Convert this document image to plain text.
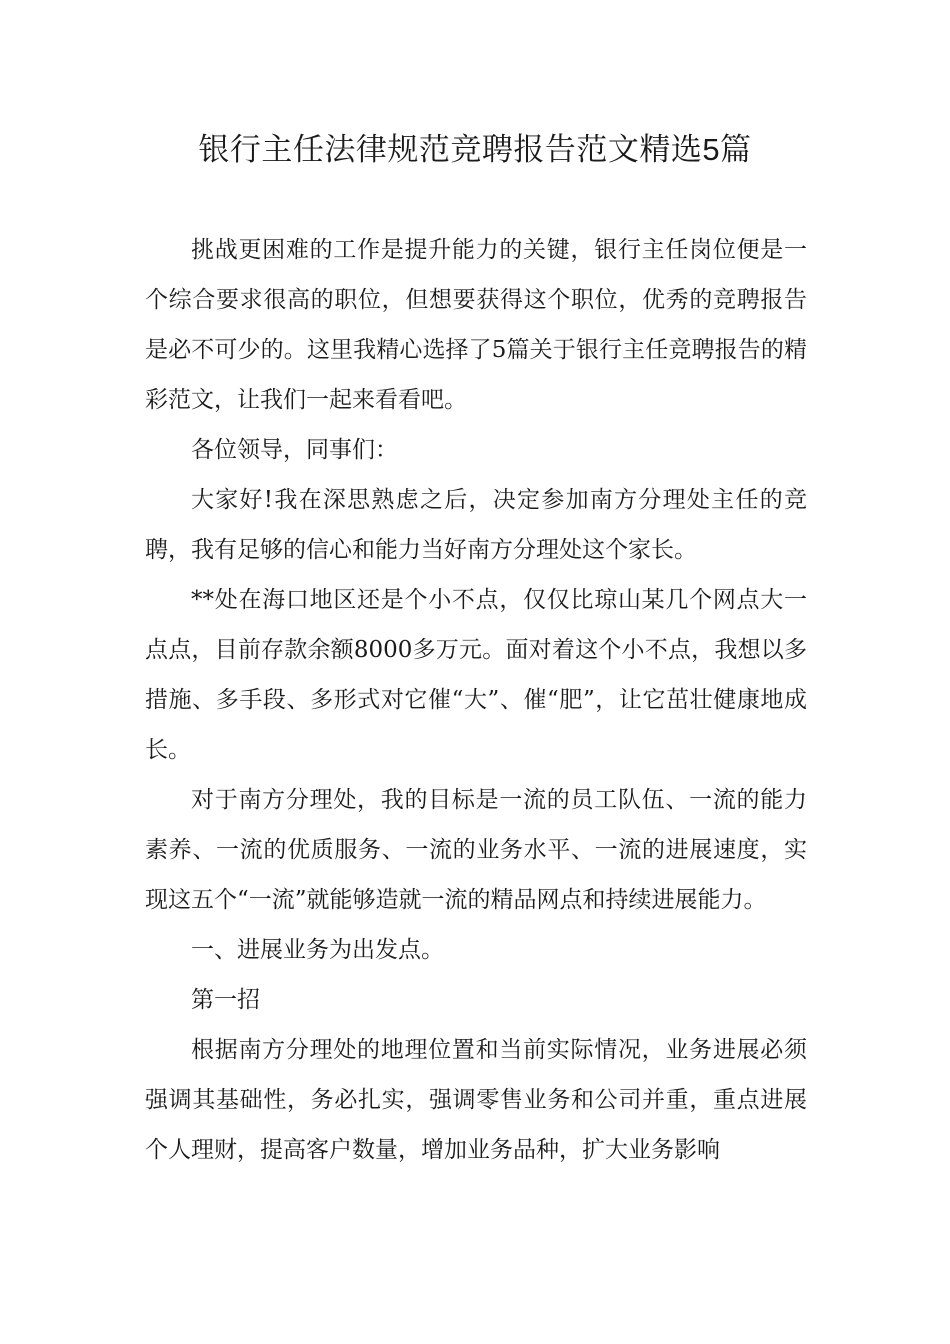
银行主任法律规范竞聘报告范文精选5篇

挑战更困难的工作是提升能力的关键，银行主任岗位便是一个综合要求很高的职位，但想要获得这个职位，优秀的竞聘报告是必不可少的。这里我精心选择了5篇关于银行主任竞聘报告的精彩范文，让我们一起来看看吧。

各位领导，同事们：

大家好!我在深思熟虑之后，决定参加南方分理处主任的竞聘，我有足够的信心和能力当好南方分理处这个家长。

**处在海口地区还是个小不点，仅仅比琼山某几个网点大一点点，目前存款余额8000多万元。面对着这个小不点，我想以多措施、多手段、多形式对它催“大”、催“肥”，让它茁壮健康地成长。

对于南方分理处，我的目标是一流的员工队伍、一流的能力素养、一流的优质服务、一流的业务水平、一流的进展速度，实现这五个“一流”就能够造就一流的精品网点和持续进展能力。

一、进展业务为出发点。

第一招

根据南方分理处的地理位置和当前实际情况，业务进展必须强调其基础性，务必扎实，强调零售业务和公司并重，重点进展个人理财，提高客户数量，增加业务品种，扩大业务影响
